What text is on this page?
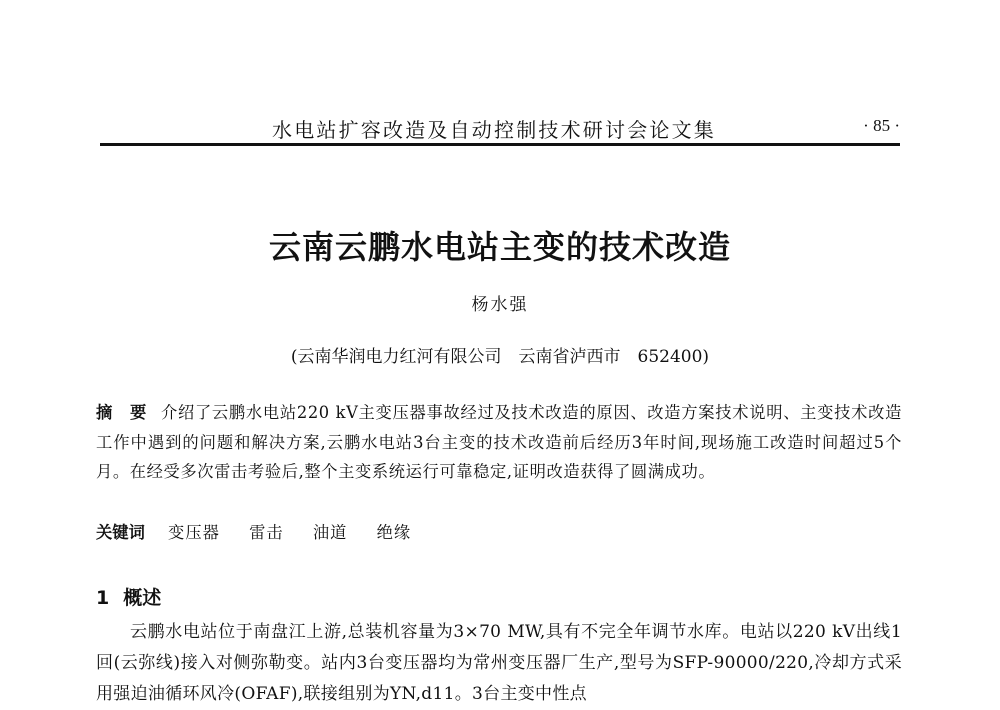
水电站扩容改造及自动控制技术研讨会论文集	· 85 ·
云南云鹏水电站主变的技术改造
杨水强
(云南华润电力红河有限公司　云南省泸西市　652400)
摘　要 介绍了云鹏水电站220 kV主变压器事故经过及技术改造的原因、改造方案技术说明、主变技术改造工作中遇到的问题和解决方案,云鹏水电站3台主变的技术改造前后经历3年时间,现场施工改造时间超过5个月。在经受多次雷击考验后,整个主变系统运行可靠稳定,证明改造获得了圆满成功。
关键词 变压器 雷击 油道 绝缘
1 概述
云鹏水电站位于南盘江上游,总装机容量为3×70 MW,具有不完全年调节水库。电站以220 kV出线1回(云弥线)接入对侧弥勒变。站内3台变压器均为常州变压器厂生产,型号为SFP-90000/220,冷却方式采用强迫油循环风冷(OFAF),联接组别为YN,d11。3台主变中性点
